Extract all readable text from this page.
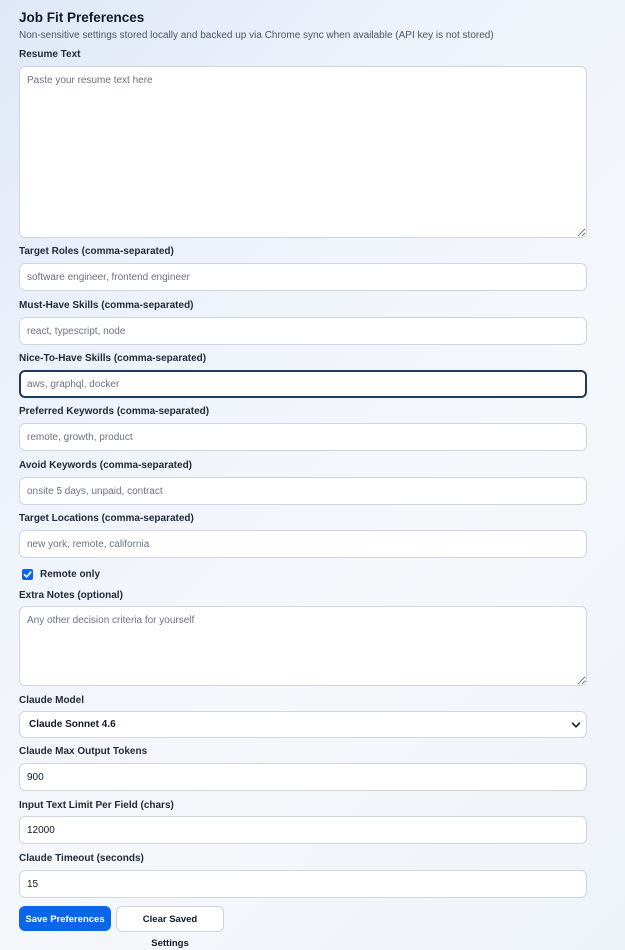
Job Fit Preferences
Non-sensitive settings stored locally and backed up via Chrome sync when available (API key is not stored)
Resume Text
Paste your resume text here
Target Roles (comma-separated)
software engineer, frontend engineer
Must-Have Skills (comma-separated)
react, typescript, node
Nice-To-Have Skills (comma-separated)
aws, graphql, docker
Preferred Keywords (comma-separated)
remote, growth, product
Avoid Keywords (comma-separated)
onsite 5 days, unpaid, contract
Target Locations (comma-separated)
new york, remote, california
Remote only
Extra Notes (optional)
Any other decision criteria for yourself
Claude Model
Claude Sonnet 4.6
Claude Max Output Tokens
900
Input Text Limit Per Field (chars)
12000
Claude Timeout (seconds)
15
Save Preferences	Clear Saved Settings
